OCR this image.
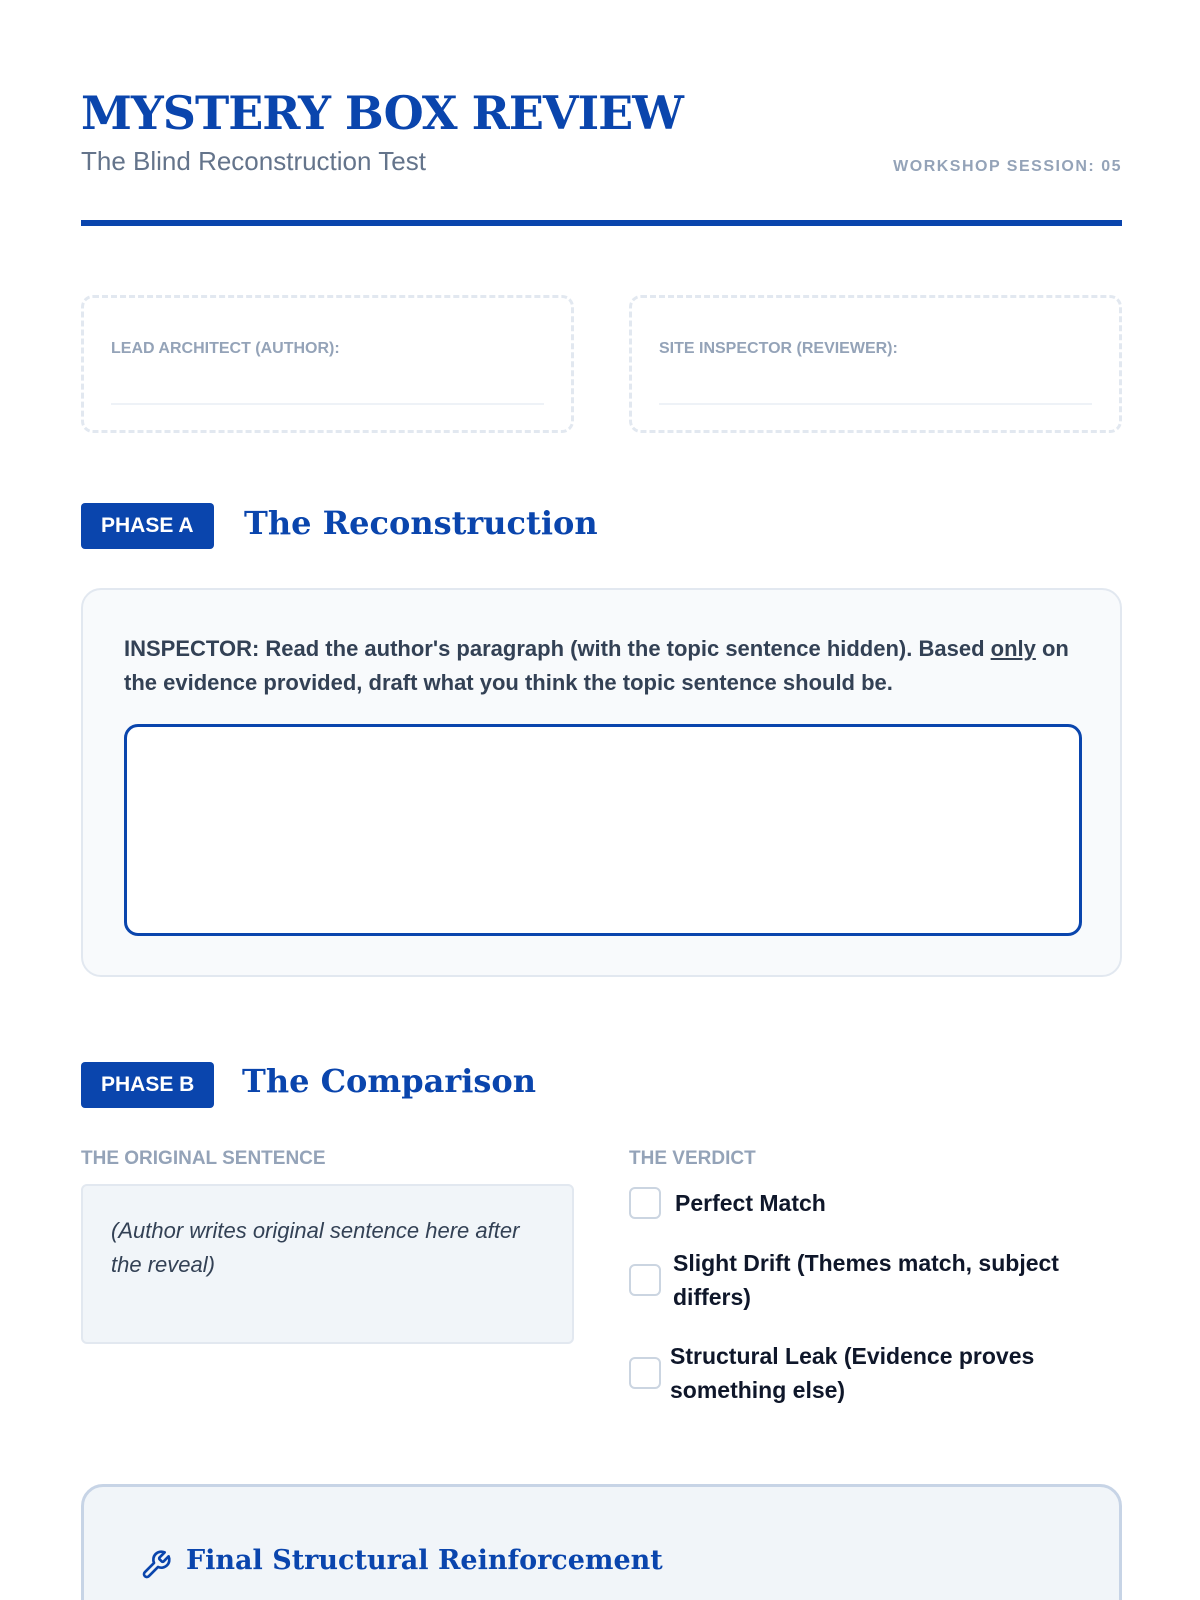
MYSTERY BOX REVIEW
The Blind Reconstruction Test	WORKSHOP SESSION: 05
LEAD ARCHITECT (AUTHOR):	SITE INSPECTOR (REVIEWER):
PHASE A	The Reconstruction

INSPECTOR: Read the author's paragraph (with the topic sentence hidden). Based only on the evidence provided, draft what you think the topic sentence should be.

PHASE B	The Comparison
THE ORIGINAL SENTENCE	THE VERDICT
(Author writes original sentence here after the reveal)
Perfect Match
Slight Drift (Themes match, subject differs)
Structural Leak (Evidence proves something else)
Final Structural Reinforcement
